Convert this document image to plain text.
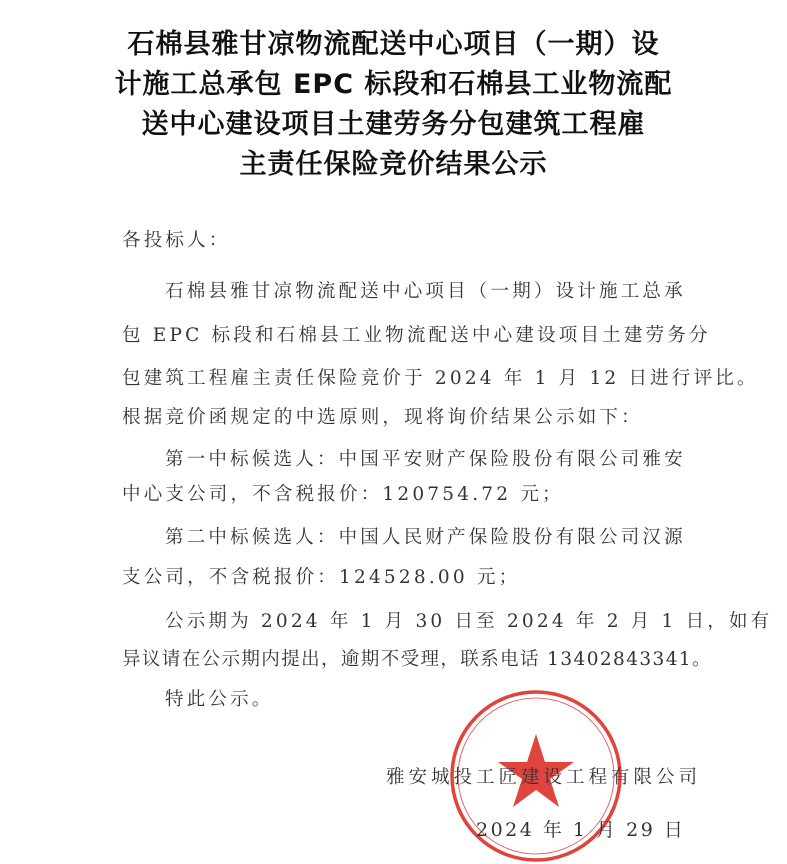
石棉县雅甘凉物流配送中心项目（一期）设
计施工总承包 EPC 标段和石棉县工业物流配
送中心建设项目土建劳务分包建筑工程雇
主责任保险竞价结果公示
各投标人：
石棉县雅甘凉物流配送中心项目（一期）设计施工总承
包 EPC 标段和石棉县工业物流配送中心建设项目土建劳务分
包建筑工程雇主责任保险竞价于 2024 年 1 月 12 日进行评比。
根据竞价函规定的中选原则，现将询价结果公示如下：
第一中标候选人：中国平安财产保险股份有限公司雅安
中心支公司，不含税报价：120754.72 元；
第二中标候选人：中国人民财产保险股份有限公司汉源
支公司，不含税报价：124528.00 元；
公示期为 2024 年 1 月 30 日至 2024 年 2 月 1 日，如有
异议请在公示期内提出，逾期不受理，联系电话 13402843341。
特此公示。
雅安城投工匠建设工程有限公司
2024 年 1 月 29 日
